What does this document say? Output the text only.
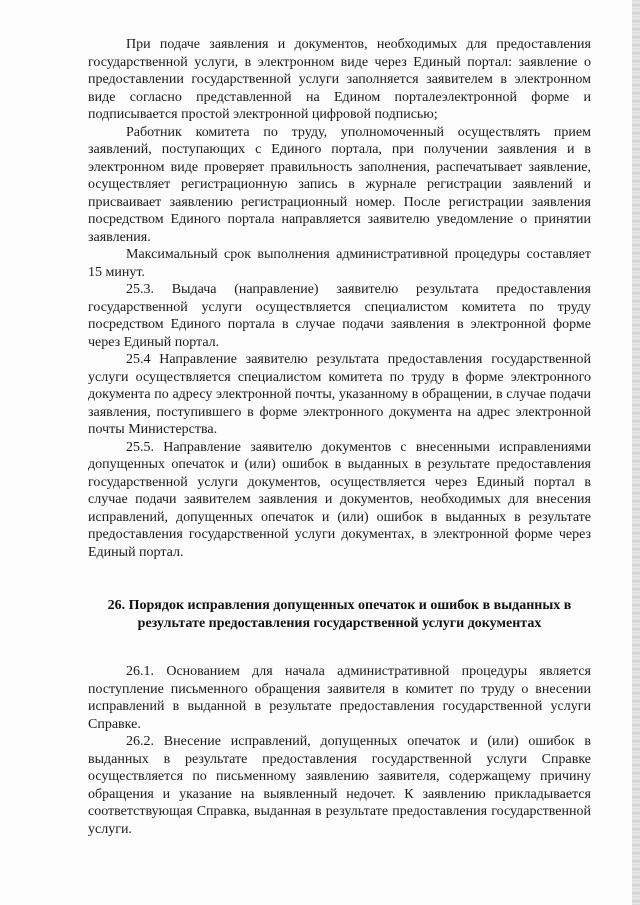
При подаче заявления и документов, необходимых для предоставления государственной услуги, в электронном виде через Единый портал: заявление о предоставлении государственной услуги заполняется заявителем в электронном виде согласно представленной на Едином порталеэлектронной форме и подписывается простой электронной цифровой подписью;

Работник комитета по труду, уполномоченный осуществлять прием заявлений, поступающих с Единого портала, при получении заявления и в электронном виде проверяет правильность заполнения, распечатывает заявление, осуществляет регистрационную запись в журнале регистрации заявлений и присваивает заявлению регистрационный номер. После регистрации заявления посредством Единого портала направляется заявителю уведомление о принятии заявления.

Максимальный срок выполнения административной процедуры составляет 15 минут.

25.3. Выдача (направление) заявителю результата предоставления государственной услуги осуществляется специалистом комитета по труду посредством Единого портала в случае подачи заявления в электронной форме через Единый портал.

25.4 Направление заявителю результата предоставления государственной услуги осуществляется специалистом комитета по труду в форме электронного документа по адресу электронной почты, указанному в обращении, в случае подачи заявления, поступившего в форме электронного документа на адрес электронной почты Министерства.

25.5. Направление заявителю документов с внесенными исправлениями допущенных опечаток и (или) ошибок в выданных в результате предоставления государственной услуги документов, осуществляется через Единый портал в случае подачи заявителем заявления и документов, необходимых для внесения исправлений, допущенных опечаток и (или) ошибок в выданных в результате предоставления государственной услуги документах, в электронной форме через Единый портал.

26. Порядок исправления допущенных опечаток и ошибок в выданных в результате предоставления государственной услуги документах

26.1. Основанием для начала административной процедуры является поступление письменного обращения заявителя в комитет по труду о внесении исправлений в выданной в результате предоставления государственной услуги Справке.

26.2. Внесение исправлений, допущенных опечаток и (или) ошибок в выданных в результате предоставления государственной услуги Справке осуществляется по письменному заявлению заявителя, содержащему причину обращения и указание на выявленный недочет. К заявлению прикладывается соответствующая Справка, выданная в результате предоставления государственной услуги.
